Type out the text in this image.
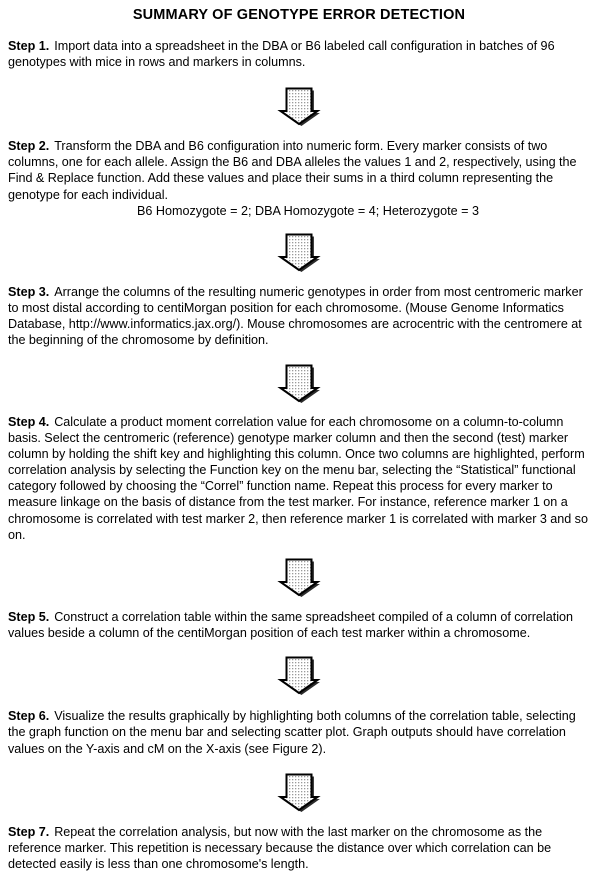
SUMMARY OF GENOTYPE ERROR DETECTION

Step 1. Import data into a spreadsheet in the DBA or B6 labeled call configuration in batches of 96 genotypes with mice in rows and markers in columns.

Step 2. Transform the DBA and B6 configuration into numeric form. Every marker consists of two columns, one for each allele. Assign the B6 and DBA alleles the values 1 and 2, respectively, using the Find & Replace function. Add these values and place their sums in a third column representing the genotype for each individual.

B6 Homozygote = 2; DBA Homozygote = 4; Heterozygote = 3

Step 3. Arrange the columns of the resulting numeric genotypes in order from most centromeric marker to most distal according to centiMorgan position for each chromosome. (Mouse Genome Informatics Database, http://www.informatics.jax.org/). Mouse chromosomes are acrocentric with the centromere at the beginning of the chromosome by definition.

Step 4. Calculate a product moment correlation value for each chromosome on a column-to-column basis. Select the centromeric (reference) genotype marker column and then the second (test) marker column by holding the shift key and highlighting this column. Once two columns are highlighted, perform correlation analysis by selecting the Function key on the menu bar, selecting the “Statistical” functional category followed by choosing the “Correl” function name. Repeat this process for every marker to measure linkage on the basis of distance from the test marker. For instance, reference marker 1 on a chromosome is correlated with test marker 2, then reference marker 1 is correlated with marker 3 and so on.

Step 5. Construct a correlation table within the same spreadsheet compiled of a column of correlation values beside a column of the centiMorgan position of each test marker within a chromosome.

Step 6. Visualize the results graphically by highlighting both columns of the correlation table, selecting the graph function on the menu bar and selecting scatter plot. Graph outputs should have correlation values on the Y-axis and cM on the X-axis (see Figure 2).

Step 7. Repeat the correlation analysis, but now with the last marker on the chromosome as the reference marker. This repetition is necessary because the distance over which correlation can be detected easily is less than one chromosome's length.
